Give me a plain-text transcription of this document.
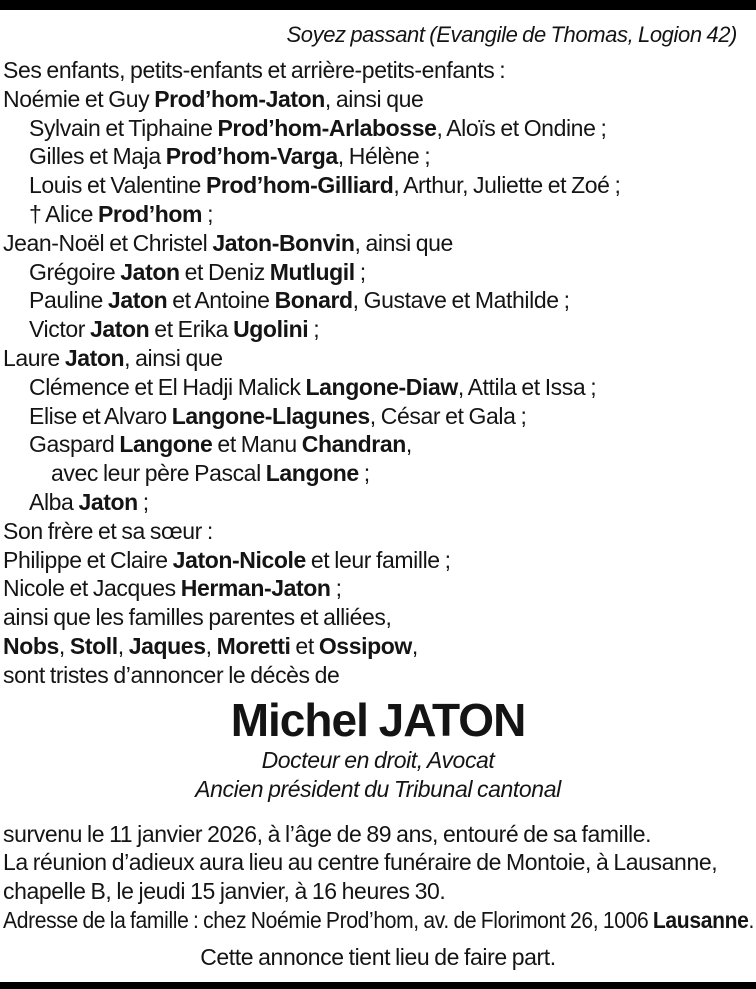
Soyez passant (Evangile de Thomas, Logion 42)
Ses enfants, petits-enfants et arrière-petits-enfants :
Noémie et Guy Prod’hom-Jaton, ainsi que
Sylvain et Tiphaine Prod’hom-Arlabosse, Aloïs et Ondine ;
Gilles et Maja Prod’hom-Varga, Hélène ;
Louis et Valentine Prod’hom-Gilliard, Arthur, Juliette et Zoé ;
† Alice Prod’hom ;
Jean-Noël et Christel Jaton-Bonvin, ainsi que
Grégoire Jaton et Deniz Mutlugil ;
Pauline Jaton et Antoine Bonard, Gustave et Mathilde ;
Victor Jaton et Erika Ugolini ;
Laure Jaton, ainsi que
Clémence et El Hadji Malick Langone-Diaw, Attila et Issa ;
Elise et Alvaro Langone-Llagunes, César et Gala ;
Gaspard Langone et Manu Chandran,
avec leur père Pascal Langone ;
Alba Jaton ;
Son frère et sa sœur :
Philippe et Claire Jaton-Nicole et leur famille ;
Nicole et Jacques Herman-Jaton ;
ainsi que les familles parentes et alliées,
Nobs, Stoll, Jaques, Moretti et Ossipow,
sont tristes d’annoncer le décès de
Michel JATON
Docteur en droit, Avocat
Ancien président du Tribunal cantonal
survenu le 11 janvier 2026, à l’âge de 89 ans, entouré de sa famille.
La réunion d’adieux aura lieu au centre funéraire de Montoie, à Lausanne,
chapelle B, le jeudi 15 janvier, à 16 heures 30.
Adresse de la famille : chez Noémie Prod’hom, av. de Florimont 26, 1006 Lausanne.
Cette annonce tient lieu de faire part.
